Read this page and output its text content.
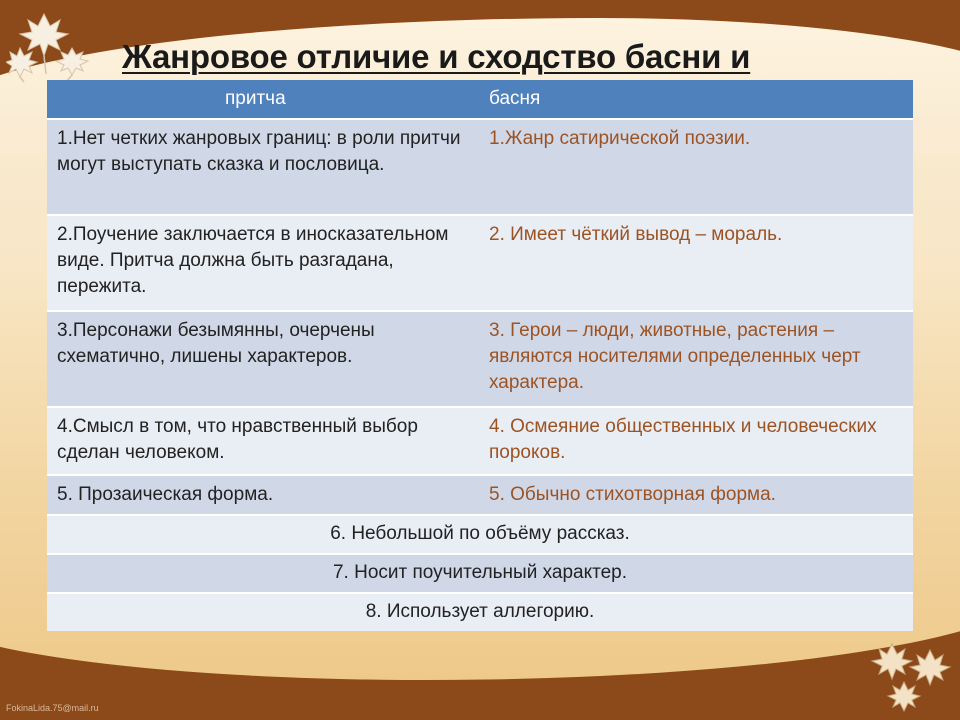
Жанровое отличие и сходство басни и
притча	басня
1.Нет четких жанровых границ: в роли притчи могут выступать сказка и пословица.	1.Жанр сатирической поэзии.
2.Поучение заключается в иносказательном виде. Притча должна быть разгадана, пережита.	2. Имеет чёткий вывод – мораль.
3.Персонажи безымянны, очерчены схематично, лишены характеров.	3. Герои – люди, животные, растения – являются носителями определенных черт характера.
4.Смысл в том, что нравственный выбор сделан человеком.	4. Осмеяние общественных и человеческих пороков.
5. Прозаическая форма.	5. Обычно стихотворная форма.
6. Небольшой по объёму рассказ.	
7. Носит поучительный характер.	
8. Использует аллегорию.	
FokinaLida.75@mail.ru
